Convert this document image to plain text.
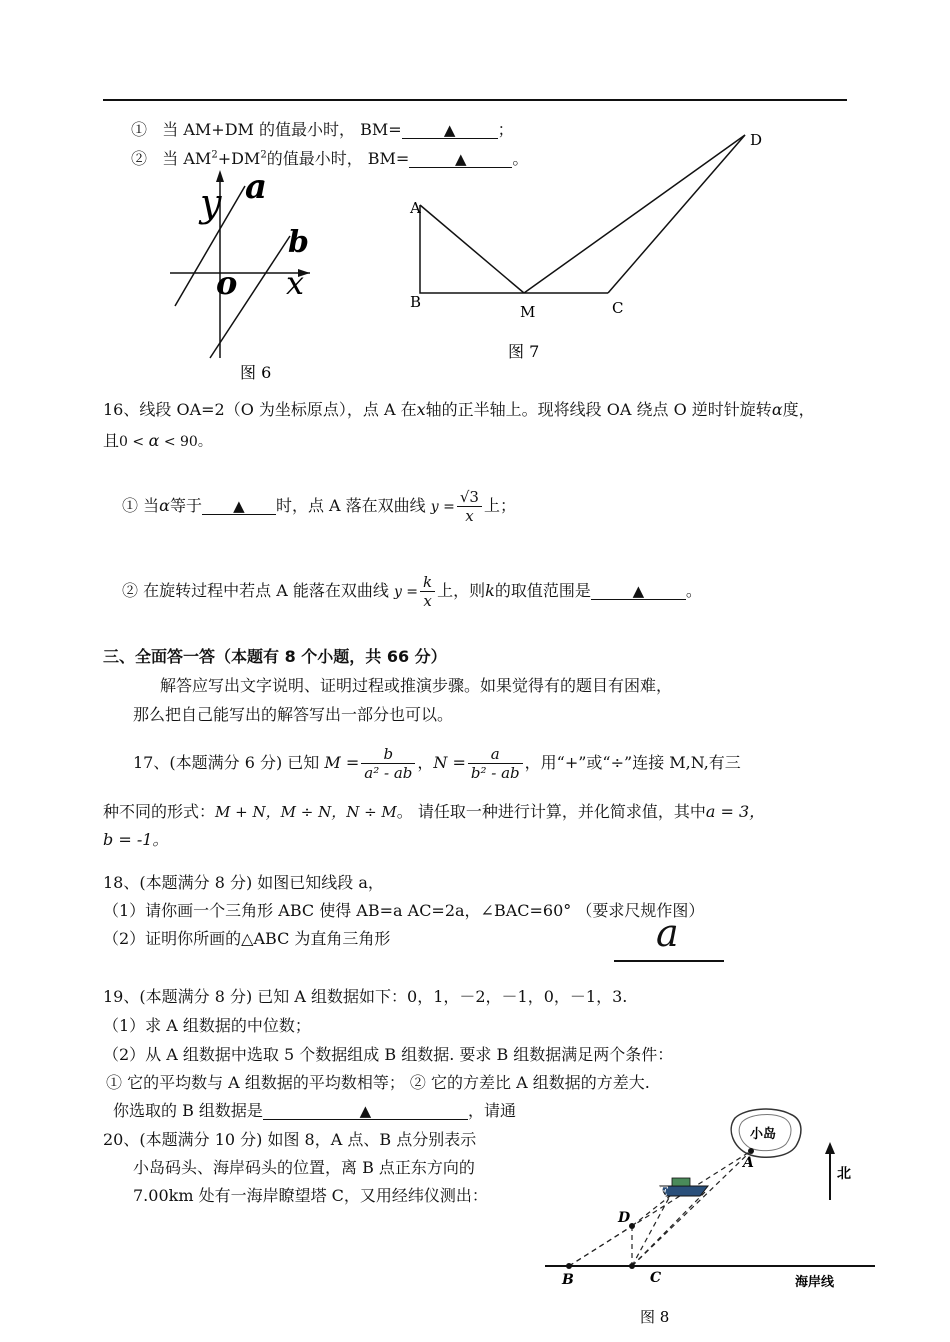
① 当 AM+DM 的值最小时， BM=	▲	；
② 当 $AM^2+DM^2$的值最小时， BM=	▲	。
y a
b
o x
图 6
A
B
M	C
D
图 7
16、线段 OA=2（O 为坐标原点），点 A 在x轴的正半轴上。现将线段 OA 绕点 O 逆时针旋转α度，
且0 < α < 90。
① 当α等于 ▲ 时，点 A 落在双曲线 $y = \frac{√3}{x}$ 上；
② 在旋转过程中若点 A 能落在双曲线 $y = \frac{k}{x}$ 上，则k的取值范围是	▲	。
三、全面答一答（本题有 8 个小题，共 66 分）
解答应写出文字说明、证明过程或推演步骤。如果觉得有的题目有困难，
那么把自己能写出的解答写出一部分也可以。
17、(本题满分 6 分) 已知 $M = \frac{b}{\text{a² - ab}}$ ，$N = \frac{a}{\text{b² - ab}}$ ，用“+”或“÷”连接 M,N,有三
种不同的形式：M + N，M ÷ N，N ÷ M。 请任取一种进行计算，并化简求值，其中a = 3，
b = -1。
18、(本题满分 8 分) 如图已知线段 a，
（1）请你画一个三角形 ABC 使得 AB=a AC=2a，∠BAC=60° （要求尺规作图）
（2）证明你所画的△ABC 为直角三角形	a
19、(本题满分 8 分) 已知 A 组数据如下：0，1，－2，－1，0，－1，3.
（1）求 A 组数据的中位数；
（2）从 A 组数据中选取 5 个数据组成 B 组数据. 要求 B 组数据满足两个条件：
① 它的平均数与 A 组数据的平均数相等； ② 它的方差比 A 组数据的方差大.
你选取的 B 组数据是	▲	，请通
20、(本题满分 10 分) 如图 8，A 点、B 点分别表示
小岛码头、海岸码头的位置，离 B 点正东方向的
7.00km 处有一海岸瞭望塔 C，又用经纬仪测出：
小岛
A
B	C
D
E
北
海岸线
图 8
